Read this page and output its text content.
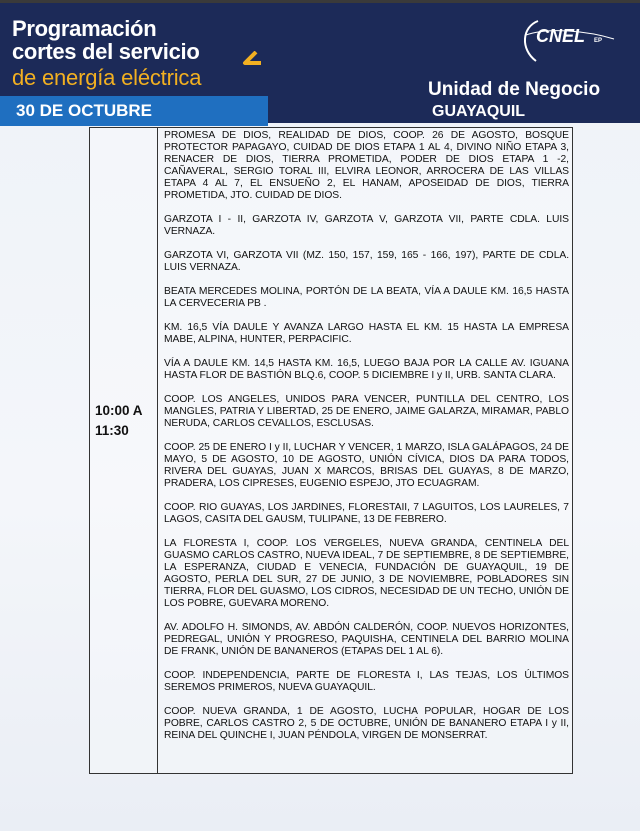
Programación
cortes del servicio
de energía eléctrica
30 DE OCTUBRE
CNEL EP
Unidad de Negocio
GUAYAQUIL
10:00 A 11:30

PROMESA DE DIOS, REALIDAD DE DIOS, COOP. 26 DE AGOSTO, BOSQUE PROTECTOR PAPAGAYO, CUIDAD DE DIOS ETAPA 1 AL 4, DIVINO NIÑO ETAPA 3, RENACER DE DIOS, TIERRA PROMETIDA, PODER DE DIOS ETAPA 1 -2, CAÑAVERAL, SERGIO TORAL III, ELVIRA LEONOR, ARROCERA DE LAS VILLAS ETAPA 4 AL 7, EL ENSUEÑO 2, EL HANAM, APOSEIDAD DE DIOS, TIERRA PROMETIDA, JTO. CUIDAD DE DIOS.

GARZOTA I - II, GARZOTA IV, GARZOTA V, GARZOTA VII, PARTE CDLA. LUIS VERNAZA.

GARZOTA VI, GARZOTA VII (MZ. 150, 157, 159, 165 - 166, 197), PARTE DE CDLA. LUIS VERNAZA.

BEATA MERCEDES MOLINA, PORTÓN DE LA BEATA, VÍA A DAULE KM. 16,5 HASTA LA CERVECERIA PB .

KM. 16,5 VÍA DAULE Y AVANZA LARGO HASTA EL KM. 15 HASTA LA EMPRESA MABE, ALPINA, HUNTER, PERPACIFIC.

VÍA A DAULE KM. 14,5 HASTA KM. 16,5, LUEGO BAJA POR LA CALLE AV. IGUANA HASTA FLOR DE BASTIÓN BLQ.6, COOP. 5 DICIEMBRE I y II, URB. SANTA CLARA.

COOP. LOS ANGELES, UNIDOS PARA VENCER, PUNTILLA DEL CENTRO, LOS MANGLES, PATRIA Y LIBERTAD, 25 DE ENERO, JAIME GALARZA, MIRAMAR, PABLO NERUDA, CARLOS CEVALLOS, ESCLUSAS.

COOP. 25 DE ENERO I y II, LUCHAR Y VENCER, 1 MARZO, ISLA GALÁPAGOS, 24 DE MAYO, 5 DE AGOSTO, 10 DE AGOSTO, UNIÓN CÍVICA, DIOS DA PARA TODOS, RIVERA DEL GUAYAS, JUAN X MARCOS, BRISAS DEL GUAYAS, 8 DE MARZO, PRADERA, LOS CIPRESES, EUGENIO ESPEJO, JTO ECUAGRAM.

COOP. RIO GUAYAS, LOS JARDINES, FLORESTAII, 7 LAGUITOS, LOS LAURELES, 7 LAGOS, CASITA DEL GAUSM, TULIPANE, 13 DE FEBRERO.

LA FLORESTA I, COOP. LOS VERGELES, NUEVA GRANDA, CENTINELA DEL GUASMO CARLOS CASTRO, NUEVA IDEAL, 7 DE SEPTIEMBRE, 8 DE SEPTIEMBRE, LA ESPERANZA, CIUDAD E VENECIA, FUNDACIÓN DE GUAYAQUIL, 19 DE AGOSTO, PERLA DEL SUR, 27 DE JUNIO, 3 DE NOVIEMBRE, POBLADORES SIN TIERRA, FLOR DEL GUASMO, LOS CIDROS, NECESIDAD DE UN TECHO, UNIÓN DE LOS POBRE, GUEVARA MORENO.

AV. ADOLFO H. SIMONDS, AV. ABDÓN CALDERÓN, COOP. NUEVOS HORIZONTES, PEDREGAL, UNIÓN Y PROGRESO, PAQUISHA, CENTINELA DEL BARRIO MOLINA DE FRANK, UNIÓN DE BANANEROS (ETAPAS DEL 1 AL 6).

COOP. INDEPENDENCIA, PARTE DE FLORESTA I, LAS TEJAS, LOS ÚLTIMOS SEREMOS PRIMEROS, NUEVA GUAYAQUIL.

COOP. NUEVA GRANDA, 1 DE AGOSTO, LUCHA POPULAR, HOGAR DE LOS POBRE, CARLOS CASTRO 2, 5 DE OCTUBRE, UNIÓN DE BANANERO ETAPA I y II, REINA DEL QUINCHE I, JUAN PÉNDOLA, VIRGEN DE MONSERRAT.
